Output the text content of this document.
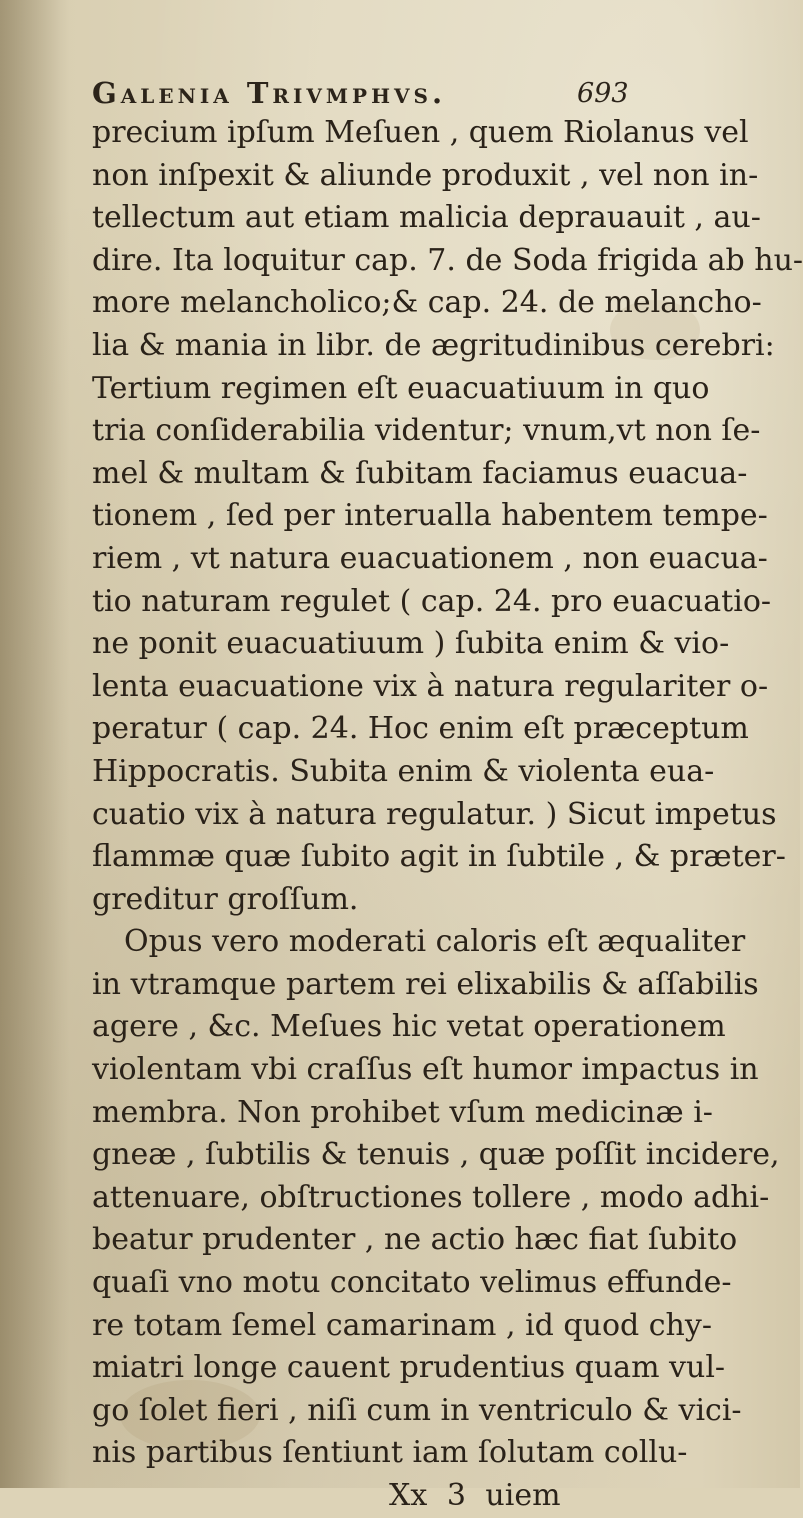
Galenia Trivmphvs.	693
precium ipſum Meſuen , quem Riolanus vel
non inſpexit & aliunde produxit , vel non in-
tellectum aut etiam malicia deprauauit , au-
dire. Ita loquitur cap. 7. de Soda frigida ab hu-
more melancholico;& cap. 24. de melancho-
lia & mania in libr. de ægritudinibus cerebri:
Tertium regimen eſt euacuatiuum in quo
tria conſiderabilia videntur; vnum,vt non ſe-
mel & multam & ſubitam faciamus euacua-
tionem , ſed per interualla habentem tempe-
riem , vt natura euacuationem , non euacua-
tio naturam regulet ( cap. 24. pro euacuatio-
ne ponit euacuatiuum ) ſubita enim & vio-
lenta euacuatione vix à natura regulariter o-
peratur ( cap. 24. Hoc enim eſt præceptum
Hippocratis. Subita enim & violenta eua-
cuatio vix à natura regulatur. ) Sicut impetus
flammæ quæ ſubito agit in ſubtile , & præter-
greditur groſſum.
Opus vero moderati caloris eſt æqualiter
in vtramque partem rei elixabilis & aſſabilis
agere , &c. Meſues hic vetat operationem
violentam vbi craſſus eſt humor impactus in
membra. Non prohibet vſum medicinæ i-
gneæ , ſubtilis & tenuis , quæ poſſit incidere,
attenuare, obſtructiones tollere , modo adhi-
beatur prudenter , ne actio hæc fiat ſubito
quaſi vno motu concitato velimus effunde-
re totam ſemel camarinam , id quod chy-
miatri longe cauent prudentius quam vul-
go ſolet fieri , niſi cum in ventriculo & vici-
nis partibus ſentiunt iam ſolutam collu-
Xx 3 uiem
